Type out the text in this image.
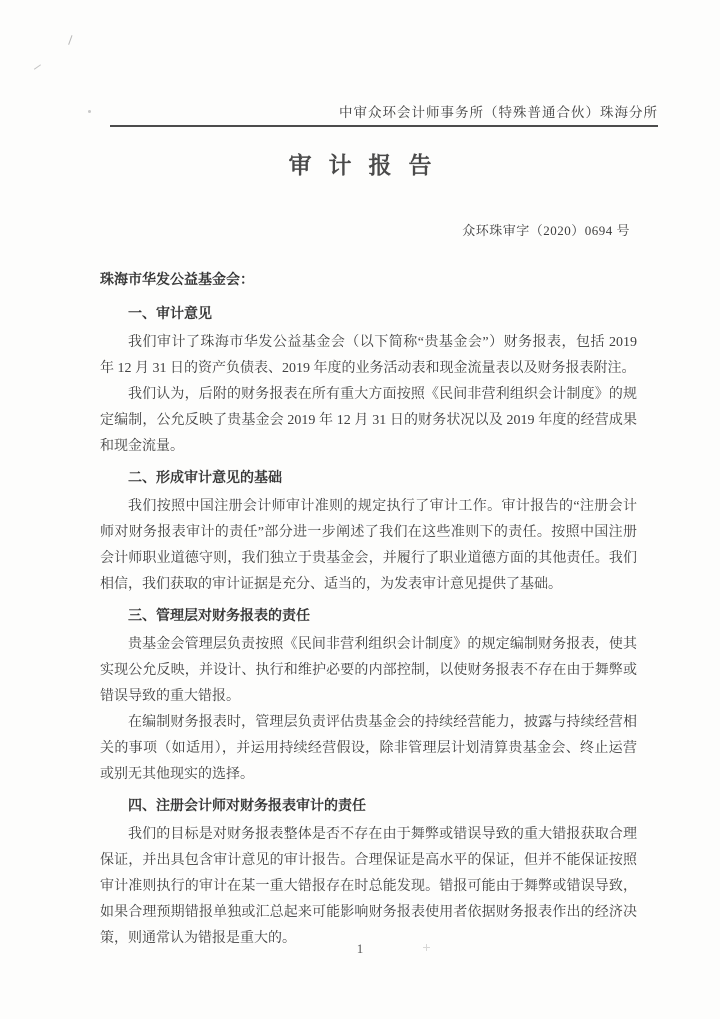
中审众环会计师事务所（特殊普通合伙）珠海分所
审计报告
众环珠审字（2020）0694 号

珠海市华发公益基金会：

一、审计意见

我们审计了珠海市华发公益基金会（以下简称“贵基金会”）财务报表，包括 2019 年 12 月 31 日的资产负债表、2019 年度的业务活动表和现金流量表以及财务报表附注。

我们认为，后附的财务报表在所有重大方面按照《民间非营利组织会计制度》的规定编制，公允反映了贵基金会 2019 年 12 月 31 日的财务状况以及 2019 年度的经营成果和现金流量。

二、形成审计意见的基础

我们按照中国注册会计师审计准则的规定执行了审计工作。审计报告的“注册会计师对财务报表审计的责任”部分进一步阐述了我们在这些准则下的责任。按照中国注册会计师职业道德守则，我们独立于贵基金会，并履行了职业道德方面的其他责任。我们相信，我们获取的审计证据是充分、适当的，为发表审计意见提供了基础。

三、管理层对财务报表的责任

贵基金会管理层负责按照《民间非营利组织会计制度》的规定编制财务报表，使其实现公允反映，并设计、执行和维护必要的内部控制，以使财务报表不存在由于舞弊或错误导致的重大错报。

在编制财务报表时，管理层负责评估贵基金会的持续经营能力，披露与持续经营相关的事项（如适用），并运用持续经营假设，除非管理层计划清算贵基金会、终止运营或别无其他现实的选择。

四、注册会计师对财务报表审计的责任

我们的目标是对财务报表整体是否不存在由于舞弊或错误导致的重大错报获取合理保证，并出具包含审计意见的审计报告。合理保证是高水平的保证，但并不能保证按照审计准则执行的审计在某一重大错报存在时总能发现。错报可能由于舞弊或错误导致，如果合理预期错报单独或汇总起来可能影响财务报表使用者依据财务报表作出的经济决策，则通常认为错报是重大的。

1
